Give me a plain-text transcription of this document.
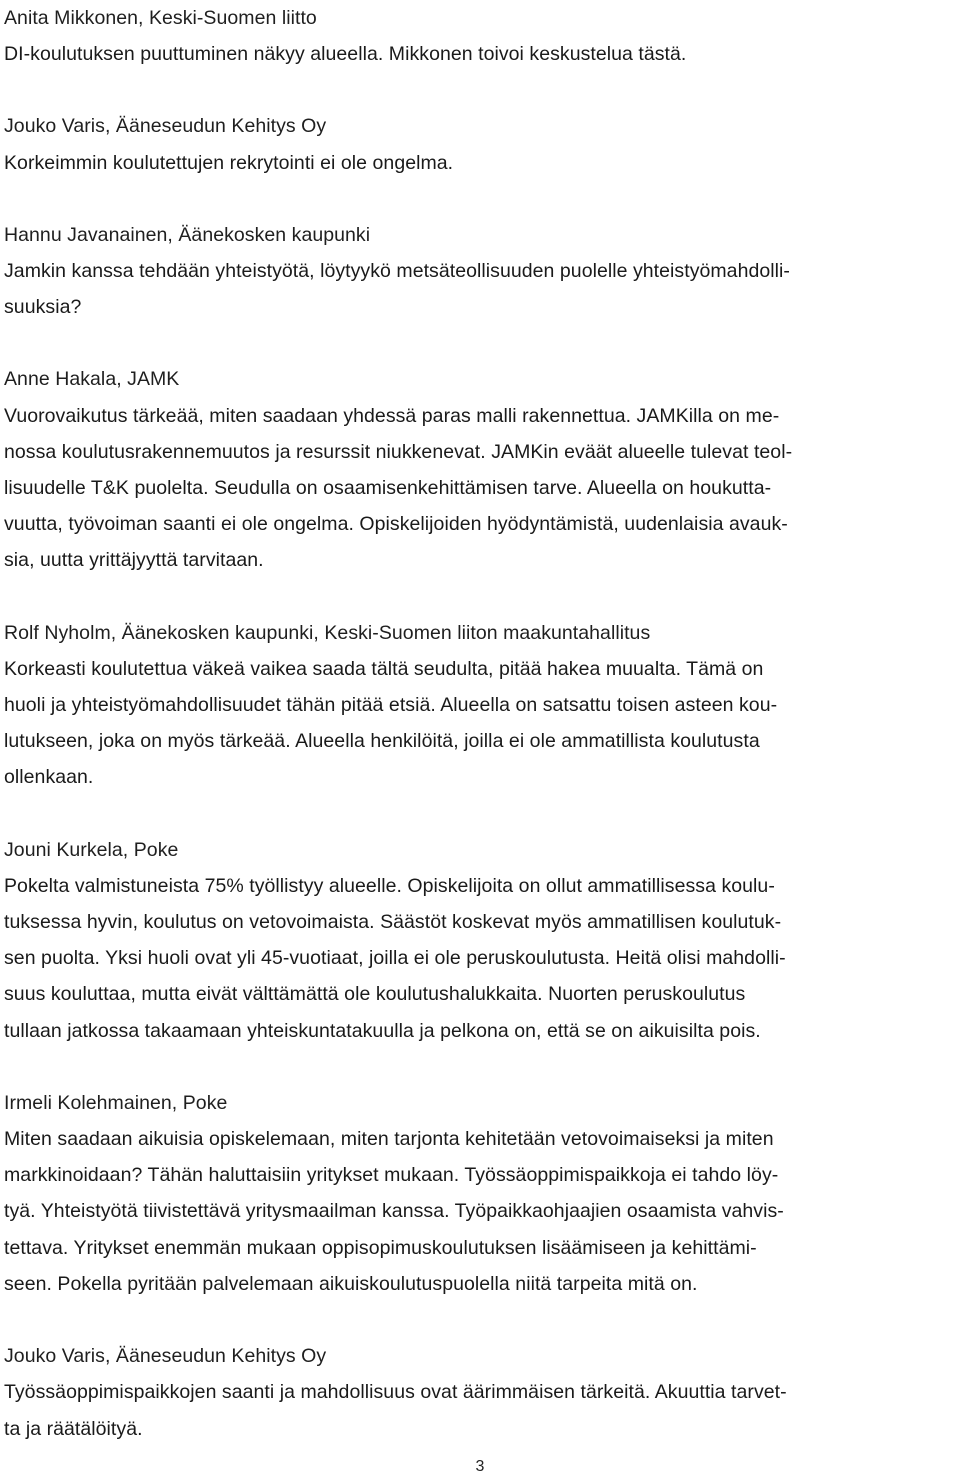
Anita Mikkonen, Keski-Suomen liitto
DI-koulutuksen puuttuminen näkyy alueella. Mikkonen toivoi keskustelua tästä.
Jouko Varis, Ääneseudun Kehitys Oy
Korkeimmin koulutettujen rekrytointi ei ole ongelma.
Hannu Javanainen, Äänekosken kaupunki
Jamkin kanssa tehdään yhteistyötä, löytyykö metsäteollisuuden puolelle yhteistyömahdolli-
suuksia?
Anne Hakala, JAMK
Vuorovaikutus tärkeää, miten saadaan yhdessä paras malli rakennettua. JAMKilla on me-
nossa koulutusrakennemuutos ja resurssit niukkenevat. JAMKin eväät alueelle tulevat teol-
lisuudelle T&K puolelta. Seudulla on osaamisenkehittämisen tarve. Alueella on houkutta-
vuutta, työvoiman saanti ei ole ongelma. Opiskelijoiden hyödyntämistä, uudenlaisia avauk-
sia, uutta yrittäjyyttä tarvitaan.
Rolf Nyholm, Äänekosken kaupunki, Keski-Suomen liiton maakuntahallitus
Korkeasti koulutettua väkeä vaikea saada tältä seudulta, pitää hakea muualta. Tämä on
huoli ja yhteistyömahdollisuudet tähän pitää etsiä. Alueella on satsattu toisen asteen kou-
lutukseen, joka on myös tärkeää. Alueella henkilöitä, joilla ei ole ammatillista koulutusta
ollenkaan.
Jouni Kurkela, Poke
Pokelta valmistuneista 75% työllistyy alueelle. Opiskelijoita on ollut ammatillisessa koulu-
tuksessa hyvin, koulutus on vetovoimaista. Säästöt koskevat myös ammatillisen koulutuk-
sen puolta. Yksi huoli ovat yli 45-vuotiaat, joilla ei ole peruskoulutusta. Heitä olisi mahdolli-
suus kouluttaa, mutta eivät välttämättä ole koulutushalukkaita. Nuorten peruskoulutus
tullaan jatkossa takaamaan yhteiskuntatakuulla ja pelkona on, että se on aikuisilta pois.
Irmeli Kolehmainen, Poke
Miten saadaan aikuisia opiskelemaan, miten tarjonta kehitetään vetovoimaiseksi ja miten
markkinoidaan? Tähän haluttaisiin yritykset mukaan. Työssäoppimispaikkoja ei tahdo löy-
tyä. Yhteistyötä tiivistettävä yritysmaailman kanssa. Työpaikkaohjaajien osaamista vahvis-
tettava. Yritykset enemmän mukaan oppisopimuskoulutuksen lisäämiseen ja kehittämi-
seen. Pokella pyritään palvelemaan aikuiskoulutuspuolella niitä tarpeita mitä on.
Jouko Varis, Ääneseudun Kehitys Oy
Työssäoppimispaikkojen saanti ja mahdollisuus ovat äärimmäisen tärkeitä. Akuuttia tarvet-
ta ja räätälöityä.
3
